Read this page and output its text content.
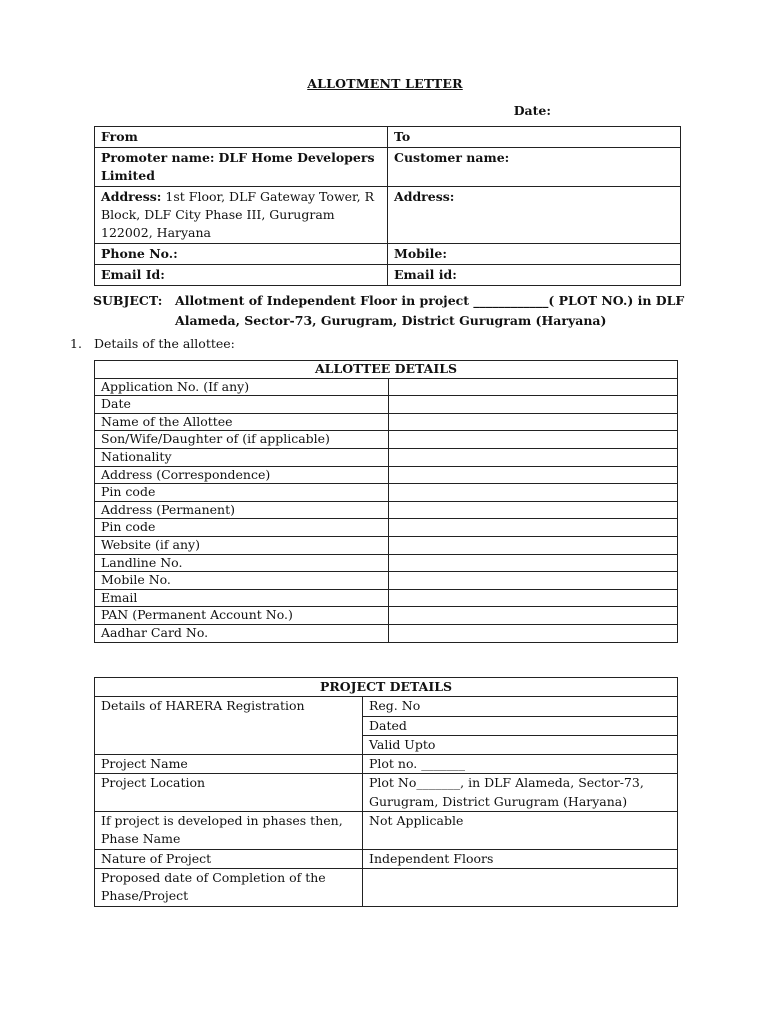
ALLOTMENT LETTER
Date:
From	To
Promoter name: DLF Home Developers Limited	Customer name:
Address: 1st Floor, DLF Gateway Tower, R Block, DLF City Phase III, Gurugram 122002, Haryana	Address:
Phone No.:	Mobile:
Email Id:	Email id:
SUBJECT: Allotment of Independent Floor in project ____________( PLOT NO.) in DLF Alameda, Sector-73, Gurugram, District Gurugram (Haryana)
1. Details of the allottee:
ALLOTTEE DETAILS	
Application No. (If any)	
Date	
Name of the Allottee	
Son/Wife/Daughter of (if applicable)	
Nationality	
Address (Correspondence)	
Pin code	
Address (Permanent)	
Pin code	
Website (if any)	
Landline No.	
Mobile No.	
Email	
PAN (Permanent Account No.)	
Aadhar Card No.	
PROJECT DETAILS	
Details of HARERA Registration	Reg. No
	Dated
	Valid Upto
Project Name	Plot no. _______
Project Location	Plot No_______, in DLF Alameda, Sector-73, Gurugram, District Gurugram (Haryana)
If project is developed in phases then, Phase Name	Not Applicable
Nature of Project	Independent Floors
Proposed date of Completion of the Phase/Project	
